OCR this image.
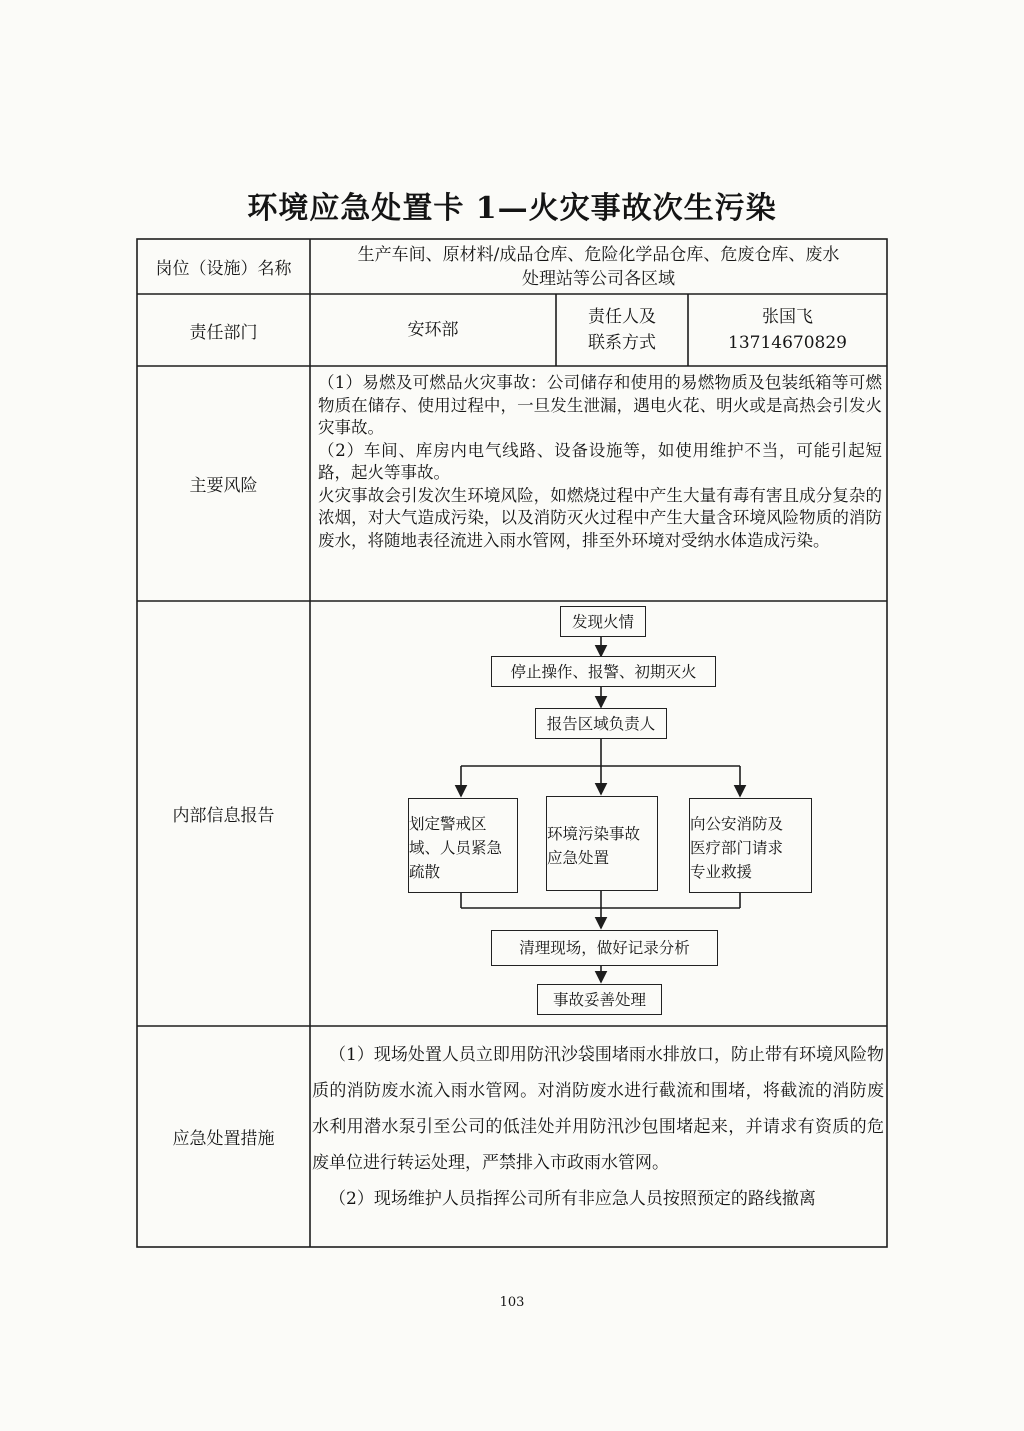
环境应急处置卡 1—火灾事故次生污染
岗位（设施）名称
生产车间、原材料/成品仓库、危险化学品仓库、危废仓库、废水
处理站等公司各区域
责任部门	安环部
责任人及
联系方式
张国飞
13714670829
主要风险

（1）易燃及可燃品火灾事故：公司储存和使用的易燃物质及包装纸箱等可燃物质在储存、使用过程中，一旦发生泄漏，遇电火花、明火或是高热会引发火灾事故。

（2）车间、库房内电气线路、设备设施等，如使用维护不当，可能引起短路，起火等事故。

火灾事故会引发次生环境风险，如燃烧过程中产生大量有毒有害且成分复杂的浓烟，对大气造成污染，以及消防灭火过程中产生大量含环境风险物质的消防废水，将随地表径流进入雨水管网，排至外环境对受纳水体造成污染。

内部信息报告
发现火情
停止操作、报警、初期灭火
报告区域负责人
划定警戒区
域、人员紧急
疏散
环境污染事故
应急处置
向公安消防及
医疗部门请求
专业救援
清理现场，做好记录分析
事故妥善处理
应急处置措施

（1）现场处置人员立即用防汛沙袋围堵雨水排放口，防止带有环境风险物质的消防废水流入雨水管网。对消防废水进行截流和围堵，将截流的消防废水利用潜水泵引至公司的低洼处并用防汛沙包围堵起来，并请求有资质的危废单位进行转运处理，严禁排入市政雨水管网。

（2）现场维护人员指挥公司所有非应急人员按照预定的路线撤离

103
